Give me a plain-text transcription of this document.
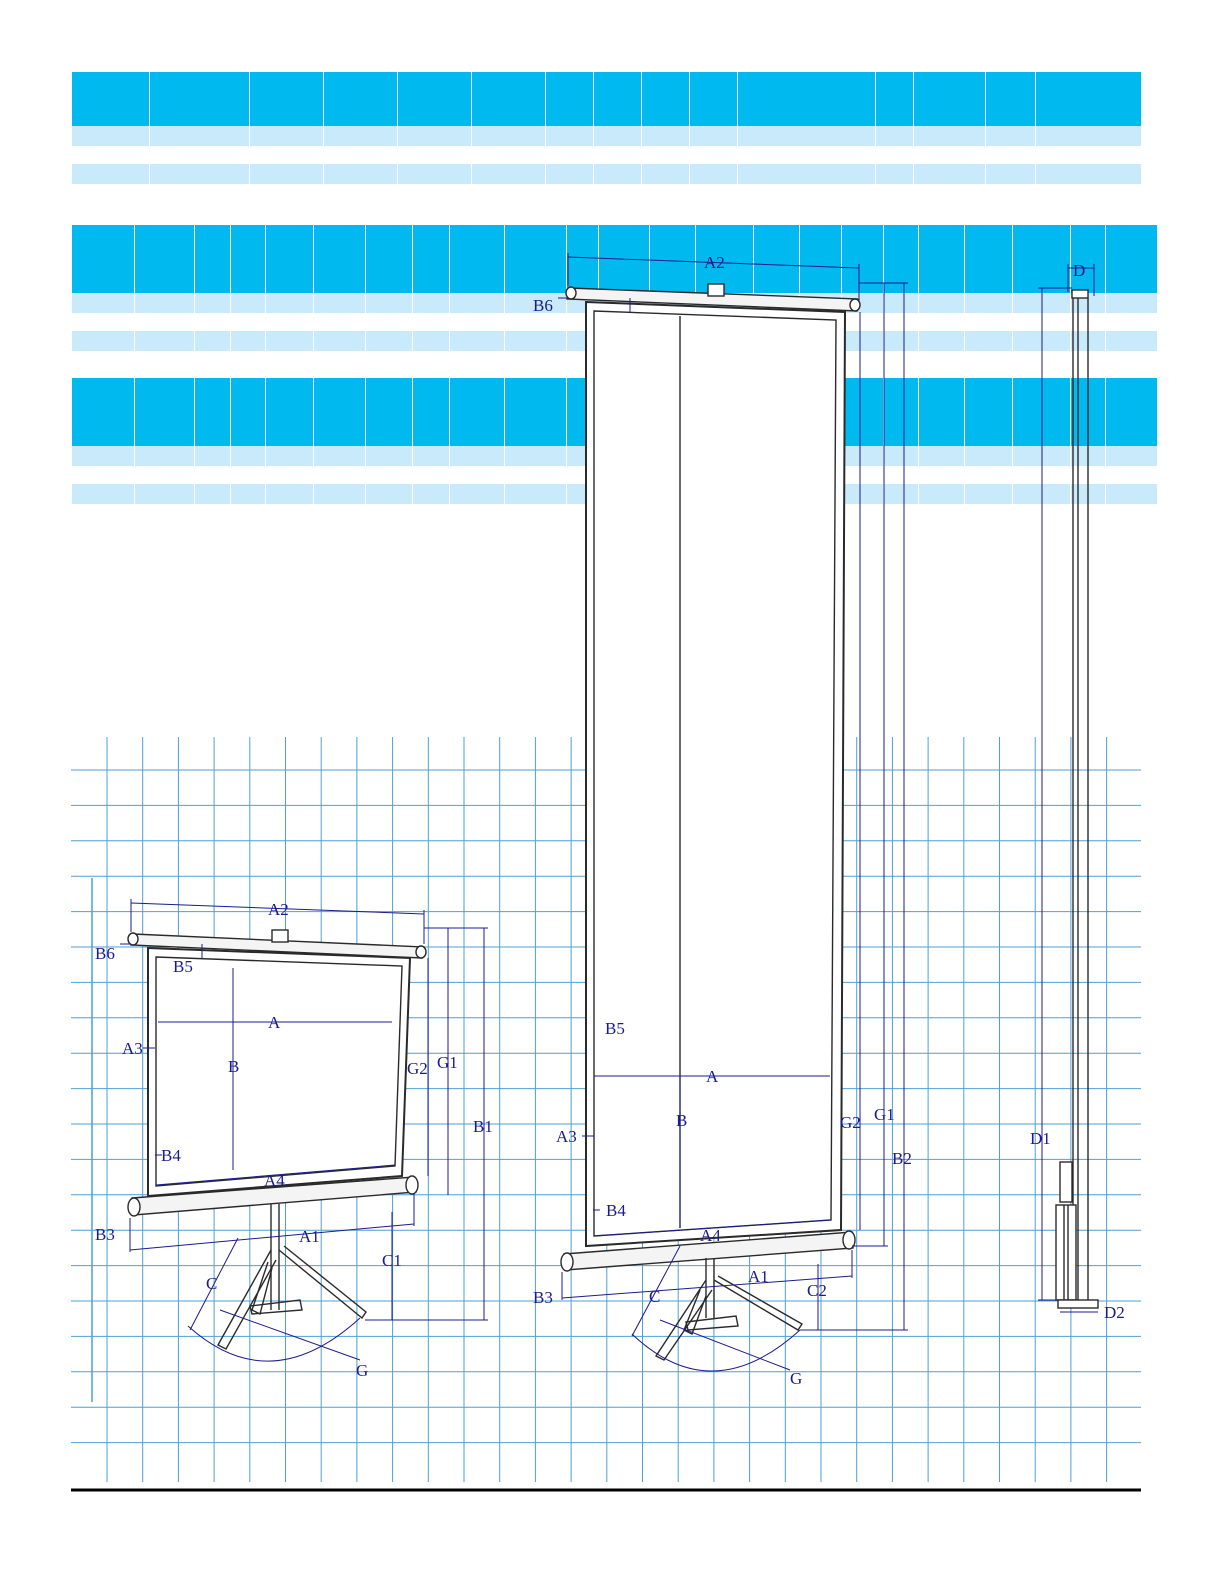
A2
B6
B5
A
A3
B	G2 G1
B1
B4
A4
B3	A1
C1
C
G
A2
B6
B5
A
A3
B	G2 G1
B2
B4
A4
A1
C2
B3	C
G
D
D1
D2
